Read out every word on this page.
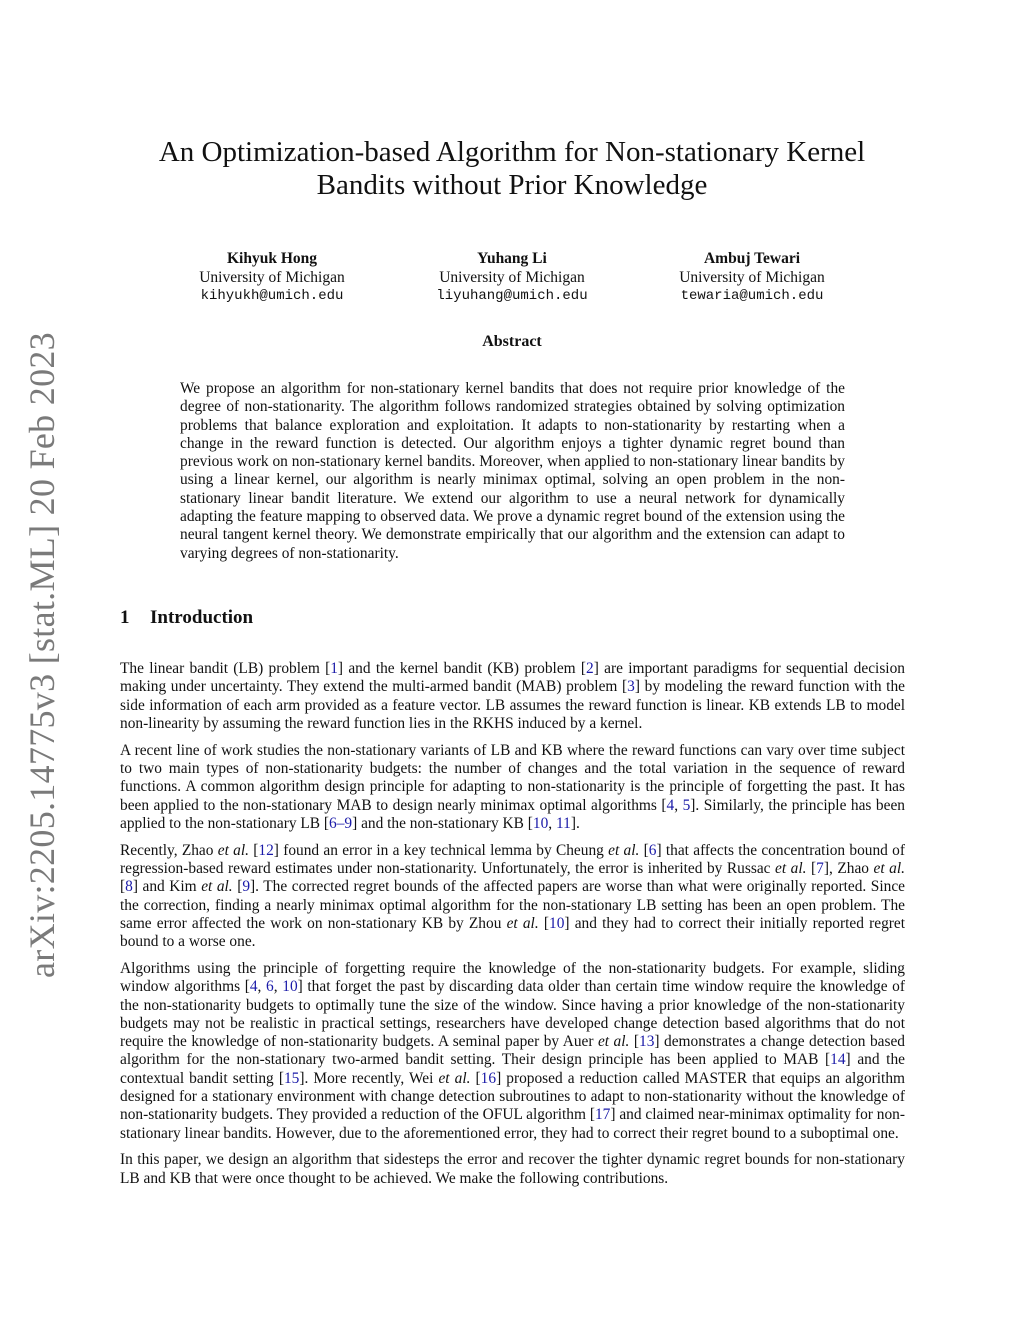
arXiv:2205.14775v3 [stat.ML] 20 Feb 2023
An Optimization-based Algorithm for Non-stationary Kernel
Bandits without Prior Knowledge
Kihyuk Hong
University of Michigan
kihyukh@umich.edu
Yuhang Li
University of Michigan
liyuhang@umich.edu
Ambuj Tewari
University of Michigan
tewaria@umich.edu
Abstract
We propose an algorithm for non-stationary kernel bandits that does not require prior knowledge of the degree of non-stationarity. The algorithm follows randomized strategies obtained by solving optimization problems that balance exploration and exploitation. It adapts to non-stationarity by restarting when a change in the reward function is detected. Our algorithm enjoys a tighter dynamic regret bound than previous work on non-stationary kernel bandits. Moreover, when applied to non-stationary linear bandits by using a linear kernel, our algorithm is nearly minimax optimal, solving an open problem in the non-stationary linear bandit literature. We extend our algorithm to use a neural network for dynamically adapting the feature mapping to observed data. We prove a dynamic regret bound of the extension using the neural tangent kernel theory. We demonstrate empirically that our algorithm and the extension can adapt to varying degrees of non-stationarity.
1 Introduction

The linear bandit (LB) problem [1] and the kernel bandit (KB) problem [2] are important paradigms for sequential decision making under uncertainty. They extend the multi-armed bandit (MAB) problem [3] by modeling the reward function with the side information of each arm provided as a feature vector. LB assumes the reward function is linear. KB extends LB to model non-linearity by assuming the reward function lies in the RKHS induced by a kernel.

A recent line of work studies the non-stationary variants of LB and KB where the reward functions can vary over time subject to two main types of non-stationarity budgets: the number of changes and the total variation in the sequence of reward functions. A common algorithm design principle for adapting to non-stationarity is the principle of forgetting the past. It has been applied to the non-stationary MAB to design nearly minimax optimal algorithms [4, 5]. Similarly, the principle has been applied to the non-stationary LB [6–9] and the non-stationary KB [10, 11].

Recently, Zhao et al. [12] found an error in a key technical lemma by Cheung et al. [6] that affects the concentration bound of regression-based reward estimates under non-stationarity. Unfortunately, the error is inherited by Russac et al. [7], Zhao et al. [8] and Kim et al. [9]. The corrected regret bounds of the affected papers are worse than what were originally reported. Since the correction, finding a nearly minimax optimal algorithm for the non-stationary LB setting has been an open problem. The same error affected the work on non-stationary KB by Zhou et al. [10] and they had to correct their initially reported regret bound to a worse one.

Algorithms using the principle of forgetting require the knowledge of the non-stationarity budgets. For example, sliding window algorithms [4, 6, 10] that forget the past by discarding data older than certain time window require the knowledge of the non-stationarity budgets to optimally tune the size of the window. Since having a prior knowledge of the non-stationarity budgets may not be realistic in practical settings, researchers have developed change detection based algorithms that do not require the knowledge of non-stationarity budgets. A seminal paper by Auer et al. [13] demonstrates a change detection based algorithm for the non-stationary two-armed bandit setting. Their design principle has been applied to MAB [14] and the contextual bandit setting [15]. More recently, Wei et al. [16] proposed a reduction called MASTER that equips an algorithm designed for a stationary environment with change detection subroutines to adapt to non-stationarity without the knowledge of non-stationarity budgets. They provided a reduction of the OFUL algorithm [17] and claimed near-minimax optimality for non-stationary linear bandits. However, due to the aforementioned error, they had to correct their regret bound to a suboptimal one.

In this paper, we design an algorithm that sidesteps the error and recover the tighter dynamic regret bounds for non-stationary LB and KB that were once thought to be achieved. We make the following contributions.
